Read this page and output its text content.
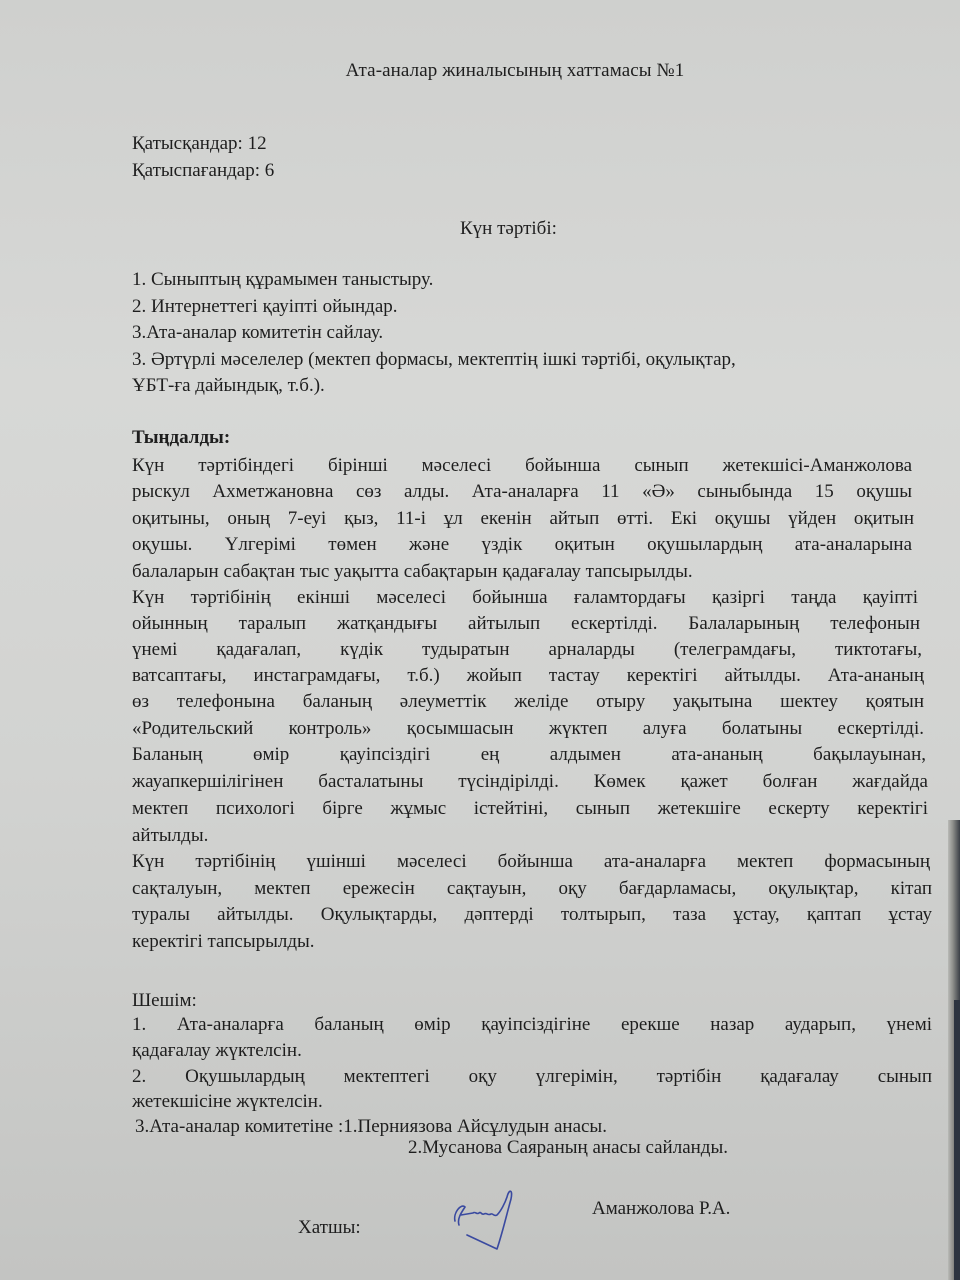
Ата-аналар жиналысының хаттамасы №1
Қатысқандар: 12
Қатыспағандар: 6
Күн тәртібі:
1. Сыныптың құрамымен таныстыру.
2. Интернеттегі қауіпті ойындар.
3.Ата-аналар комитетін сайлау.
3. Әртүрлі мәселелер (мектеп формасы, мектептің ішкі тәртібі, оқулықтар,
ҰБТ-ға дайындық, т.б.).
Тыңдалды:
Күн тәртібіндегі бірінші мәселесі бойынша сынып жетекшісі-Аманжолова
рыскул Ахметжановна сөз алды. Ата-аналарға 11 «Ә» сыныбында 15 оқушы
оқитыны, оның 7-еуі қыз, 11-і ұл екенін айтып өтті. Екі оқушы үйден оқитын
оқушы. Үлгерімі төмен және үздік оқитын оқушылардың ата-аналарына
балаларын сабақтан тыс уақытта сабақтарын қадағалау тапсырылды.
Күн тәртібінің екінші мәселесі бойынша ғаламтордағы қазіргі таңда қауіпті
ойынның таралып жатқандығы айтылып ескертілді. Балаларының телефонын
үнемі қадағалап, күдік тудыратын арналарды (телеграмдағы, тиктотағы,
ватсаптағы, инстаграмдағы, т.б.) жойып тастау керектігі айтылды. Ата-ананың
өз телефонына баланың әлеуметтік желіде отыру уақытына шектеу қоятын
«Родительский контроль» қосымшасын жүктеп алуға болатыны ескертілді.
Баланың өмір қауіпсіздігі ең алдымен ата-ананың бақылауынан,
жауапкершілігінен басталатыны түсіндірілді. Көмек қажет болған жағдайда
мектеп психологі бірге жұмыс істейтіні, сынып жетекшіге ескерту керектігі
айтылды.
Күн тәртібінің үшінші мәселесі бойынша ата-аналарға мектеп формасының
сақталуын, мектеп ережесін сақтауын, оқу бағдарламасы, оқулықтар, кітап
туралы айтылды. Оқулықтарды, дәптерді толтырып, таза ұстау, қаптап ұстау
керектігі тапсырылды.
Шешім:
1. Ата-аналарға баланың өмір қауіпсіздігіне ерекше назар аударып, үнемі
қадағалау жүктелсін.
2. Оқушылардың мектептегі оқу үлгерімін, тәртібін қадағалау сынып
жетекшісіне жүктелсін.
3.Ата-аналар комитетіне :1.Перниязова Айсұлудын анасы.
2.Мусанова Саяраның анасы сайланды.
Хатшы:
Аманжолова Р.А.
